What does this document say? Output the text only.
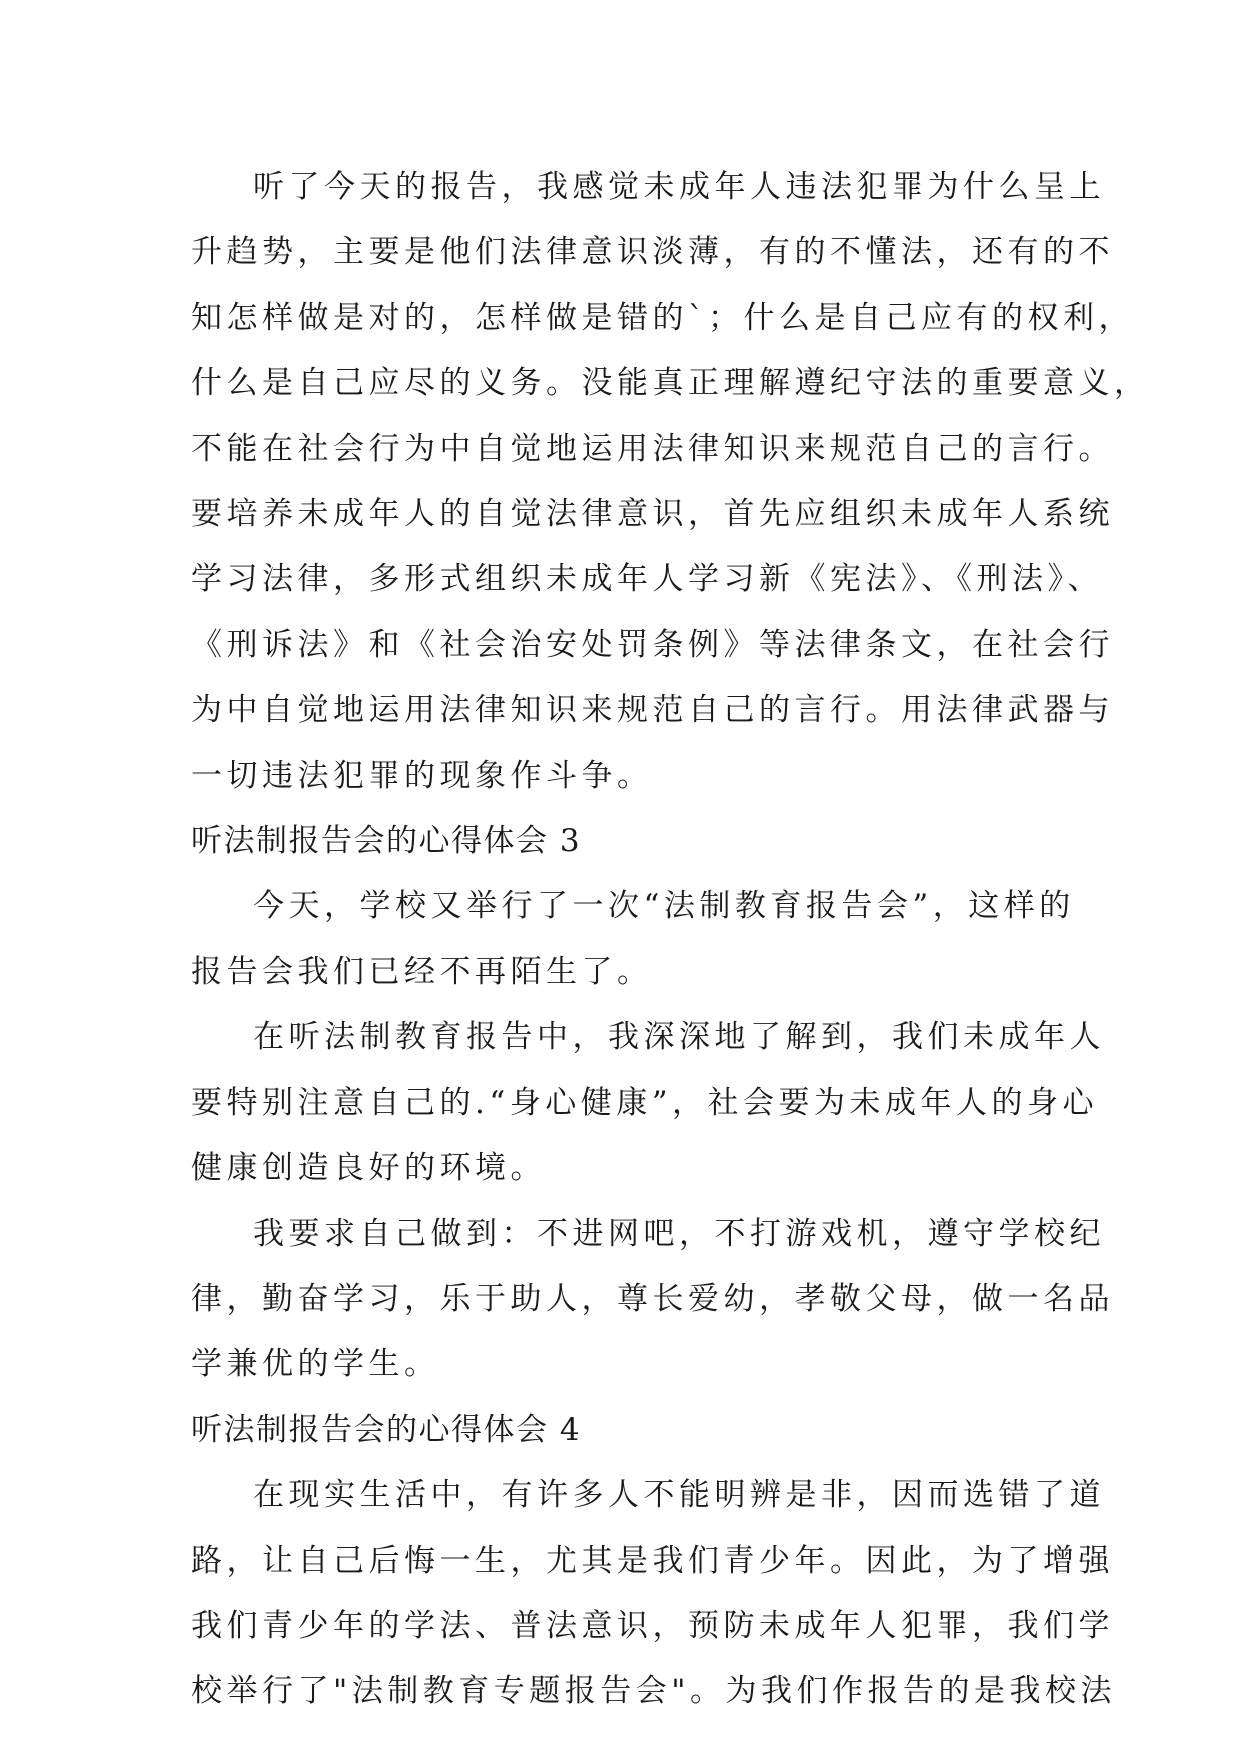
听了今天的报告，我感觉未成年人违法犯罪为什么呈上
升趋势，主要是他们法律意识淡薄，有的不懂法，还有的不
知怎样做是对的，怎样做是错的`；什么是自己应有的权利，
什么是自己应尽的义务。没能真正理解遵纪守法的重要意义，
不能在社会行为中自觉地运用法律知识来规范自己的言行。
要培养未成年人的自觉法律意识，首先应组织未成年人系统
学习法律，多形式组织未成年人学习新《宪法》、《刑法》、
《刑诉法》和《社会治安处罚条例》等法律条文，在社会行
为中自觉地运用法律知识来规范自己的言行。用法律武器与
一切违法犯罪的现象作斗争。

听法制报告会的心得体会 3

今天，学校又举行了一次“法制教育报告会”，这样的
报告会我们已经不再陌生了。

在听法制教育报告中，我深深地了解到，我们未成年人
要特别注意自己的.“身心健康”，社会要为未成年人的身心
健康创造良好的环境。

我要求自己做到：不进网吧，不打游戏机，遵守学校纪
律，勤奋学习，乐于助人，尊长爱幼，孝敬父母，做一名品
学兼优的学生。

听法制报告会的心得体会 4

在现实生活中，有许多人不能明辨是非，因而选错了道
路，让自己后悔一生，尤其是我们青少年。因此，为了增强
我们青少年的学法、普法意识，预防未成年人犯罪，我们学
校举行了"法制教育专题报告会"。为我们作报告的是我校法
